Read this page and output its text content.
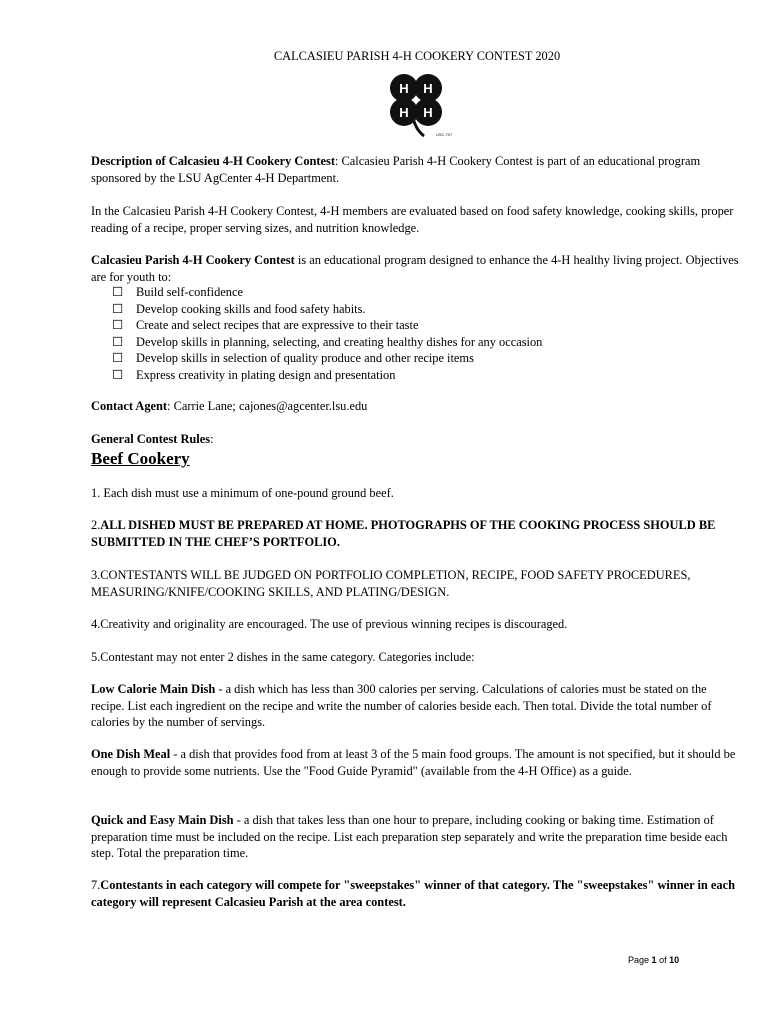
CALCASIEU PARISH 4-H COOKERY CONTEST 2020
H H
H H
USC 707

Description of Calcasieu 4-H Cookery Contest: Calcasieu Parish 4-H Cookery Contest is part of an educational program sponsored by the LSU AgCenter 4-H Department.

In the Calcasieu Parish 4-H Cookery Contest, 4-H members are evaluated based on food safety knowledge, cooking skills, proper reading of a recipe, proper serving sizes, and nutrition knowledge.

Calcasieu Parish 4-H Cookery Contest is an educational program designed to enhance the 4-H healthy living project. Objectives are for youth to:

☐	Build self-confidence
☐	Develop cooking skills and food safety habits.
☐	Create and select recipes that are expressive to their taste
☐	Develop skills in planning, selecting, and creating healthy dishes for any occasion
☐	Develop skills in selection of quality produce and other recipe items
☐	Express creativity in plating design and presentation

Contact Agent: Carrie Lane; cajones@agcenter.lsu.edu

General Contest Rules:

Beef Cookery

1. Each dish must use a minimum of one-pound ground beef.

2.ALL DISHED MUST BE PREPARED AT HOME. PHOTOGRAPHS OF THE COOKING PROCESS SHOULD BE SUBMITTED IN THE CHEF’S PORTFOLIO.

3.CONTESTANTS WILL BE JUDGED ON PORTFOLIO COMPLETION, RECIPE, FOOD SAFETY PROCEDURES, MEASURING/KNIFE/COOKING SKILLS, AND PLATING/DESIGN.

4.Creativity and originality are encouraged. The use of previous winning recipes is discouraged.

5.Contestant may not enter 2 dishes in the same category. Categories include:

Low Calorie Main Dish - a dish which has less than 300 calories per serving. Calculations of calories must be stated on the recipe. List each ingredient on the recipe and write the number of calories beside each. Then total. Divide the total number of calories by the number of servings.

One Dish Meal - a dish that provides food from at least 3 of the 5 main food groups. The amount is not specified, but it should be enough to provide some nutrients. Use the "Food Guide Pyramid" (available from the 4-H Office) as a guide.

Quick and Easy Main Dish - a dish that takes less than one hour to prepare, including cooking or baking time. Estimation of preparation time must be included on the recipe. List each preparation step separately and write the preparation time beside each step. Total the preparation time.

7.Contestants in each category will compete for "sweepstakes" winner of that category. The "sweepstakes" winner in each category will represent Calcasieu Parish at the area contest.

Page 1 of 10
